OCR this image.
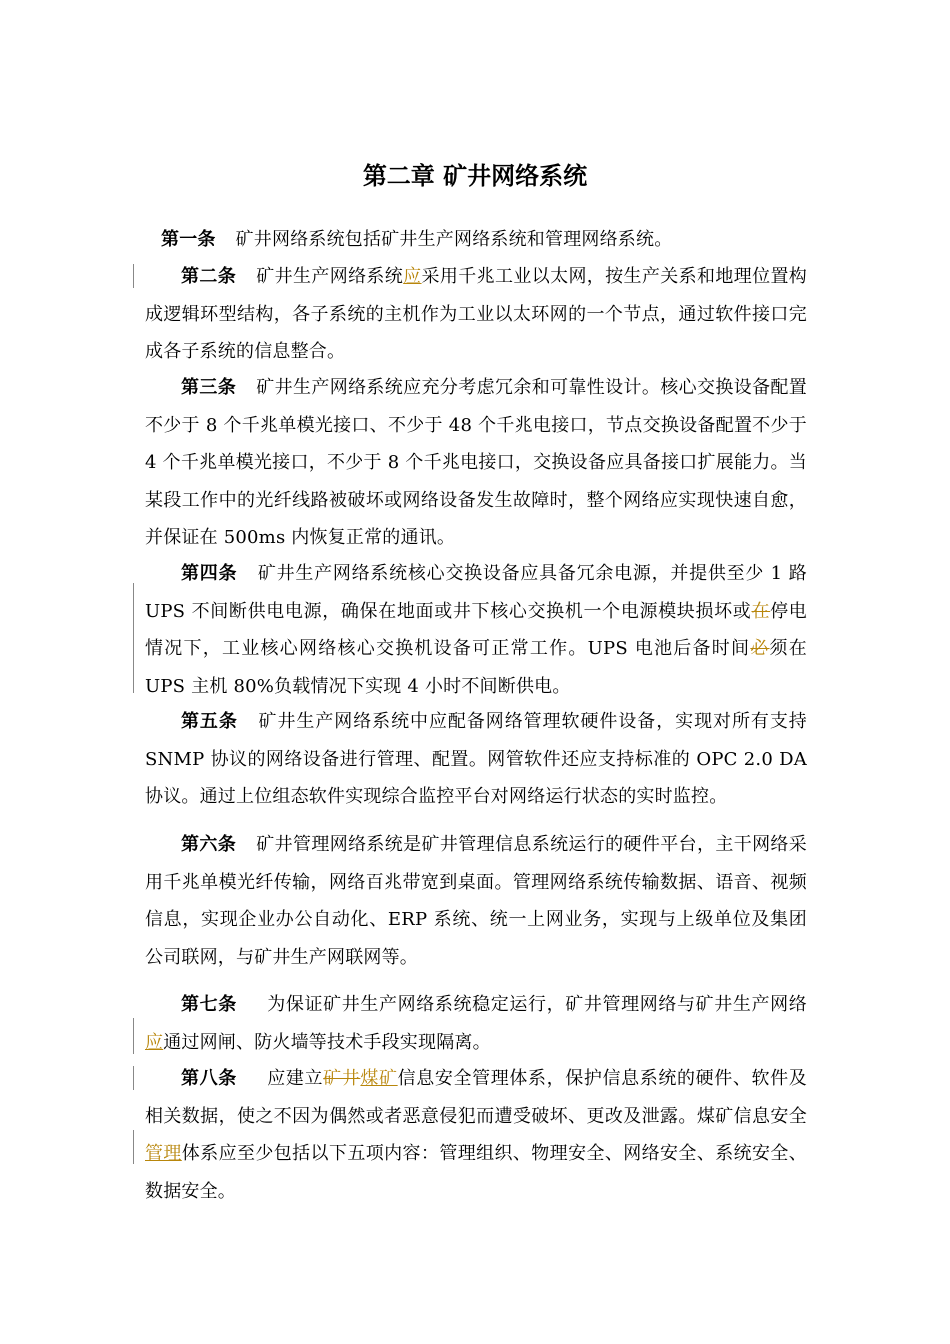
第二章 矿井网络系统

第一条 矿井网络系统包括矿井生产网络系统和管理网络系统。

第二条 矿井生产网络系统应采用千兆工业以太网，按生产关系和地理位置构成逻辑环型结构，各子系统的主机作为工业以太环网的一个节点，通过软件接口完成各子系统的信息整合。

第三条 矿井生产网络系统应充分考虑冗余和可靠性设计。核心交换设备配置不少于 8 个千兆单模光接口、不少于 48 个千兆电接口，节点交换设备配置不少于 4 个千兆单模光接口，不少于 8 个千兆电接口，交换设备应具备接口扩展能力。当某段工作中的光纤线路被破坏或网络设备发生故障时，整个网络应实现快速自愈，并保证在 500ms 内恢复正常的通讯。

第四条 矿井生产网络系统核心交换设备应具备冗余电源，并提供至少 1 路 UPS 不间断供电电源，确保在地面或井下核心交换机一个电源模块损坏或在停电情况下，工业核心网络核心交换机设备可正常工作。UPS 电池后备时间必须在 UPS 主机 80%负载情况下实现 4 小时不间断供电。

第五条 矿井生产网络系统中应配备网络管理软硬件设备，实现对所有支持 SNMP 协议的网络设备进行管理、配置。网管软件还应支持标准的 OPC 2.0 DA 协议。通过上位组态软件实现综合监控平台对网络运行状态的实时监控。

第六条 矿井管理网络系统是矿井管理信息系统运行的硬件平台，主干网络采用千兆单模光纤传输，网络百兆带宽到桌面。管理网络系统传输数据、语音、视频信息，实现企业办公自动化、ERP 系统、统一上网业务，实现与上级单位及集团公司联网，与矿井生产网联网等。

第七条 为保证矿井生产网络系统稳定运行，矿井管理网络与矿井生产网络应通过网闸、防火墙等技术手段实现隔离。

第八条 应建立矿井煤矿信息安全管理体系，保护信息系统的硬件、软件及相关数据，使之不因为偶然或者恶意侵犯而遭受破坏、更改及泄露。煤矿信息安全管理体系应至少包括以下五项内容：管理组织、物理安全、网络安全、系统安全、数据安全。
